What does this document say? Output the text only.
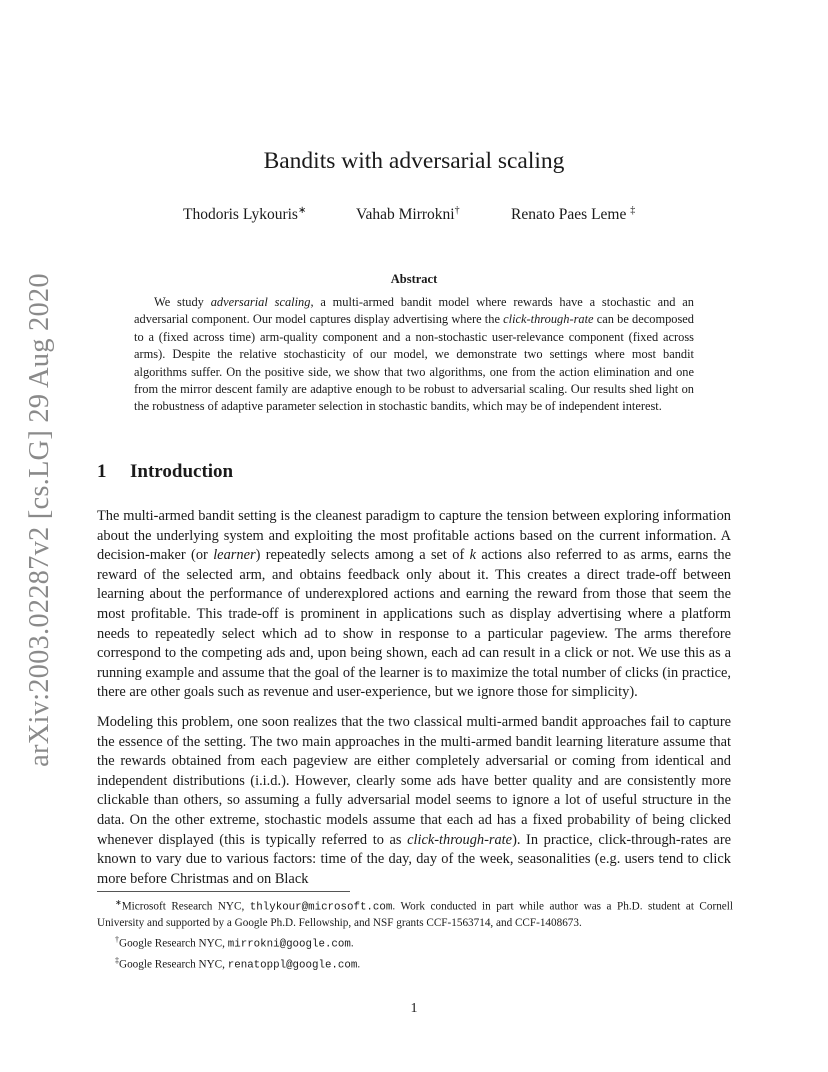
arXiv:2003.02287v2 [cs.LG] 29 Aug 2020
Bandits with adversarial scaling
Thodoris Lykouris∗	Vahab Mirrokni†	Renato Paes Leme ‡
Abstract

We study adversarial scaling, a multi-armed bandit model where rewards have a stochastic and an adversarial component. Our model captures display advertising where the click-through-rate can be decomposed to a (fixed across time) arm-quality component and a non-stochastic user-relevance component (fixed across arms). Despite the relative stochasticity of our model, we demonstrate two settings where most bandit algorithms suffer. On the positive side, we show that two algorithms, one from the action elimination and one from the mirror descent family are adaptive enough to be robust to adversarial scaling. Our results shed light on the robustness of adaptive parameter selection in stochastic bandits, which may be of independent interest.

1 Introduction

The multi-armed bandit setting is the cleanest paradigm to capture the tension between exploring information about the underlying system and exploiting the most profitable actions based on the current information. A decision-maker (or learner) repeatedly selects among a set of k actions also referred to as arms, earns the reward of the selected arm, and obtains feedback only about it. This creates a direct trade-off between learning about the performance of underexplored actions and earning the reward from those that seem the most profitable. This trade-off is prominent in applications such as display advertising where a platform needs to repeatedly select which ad to show in response to a particular pageview. The arms therefore correspond to the competing ads and, upon being shown, each ad can result in a click or not. We use this as a running example and assume that the goal of the learner is to maximize the total number of clicks (in practice, there are other goals such as revenue and user-experience, but we ignore those for simplicity).

Modeling this problem, one soon realizes that the two classical multi-armed bandit approaches fail to capture the essence of the setting. The two main approaches in the multi-armed bandit learning literature assume that the rewards obtained from each pageview are either completely adversarial or coming from identical and independent distributions (i.i.d.). However, clearly some ads have better quality and are consistently more clickable than others, so assuming a fully adversarial model seems to ignore a lot of useful structure in the data. On the other extreme, stochastic models assume that each ad has a fixed probability of being clicked whenever displayed (this is typically referred to as click-through-rate). In practice, click-through-rates are known to vary due to various factors: time of the day, day of the week, seasonalities (e.g. users tend to click more before Christmas and on Black

∗Microsoft Research NYC, thlykour@microsoft.com. Work conducted in part while author was a Ph.D. student at Cornell University and supported by a Google Ph.D. Fellowship, and NSF grants CCF-1563714, and CCF-1408673.

†Google Research NYC, mirrokni@google.com.

‡Google Research NYC, renatoppl@google.com.

1
